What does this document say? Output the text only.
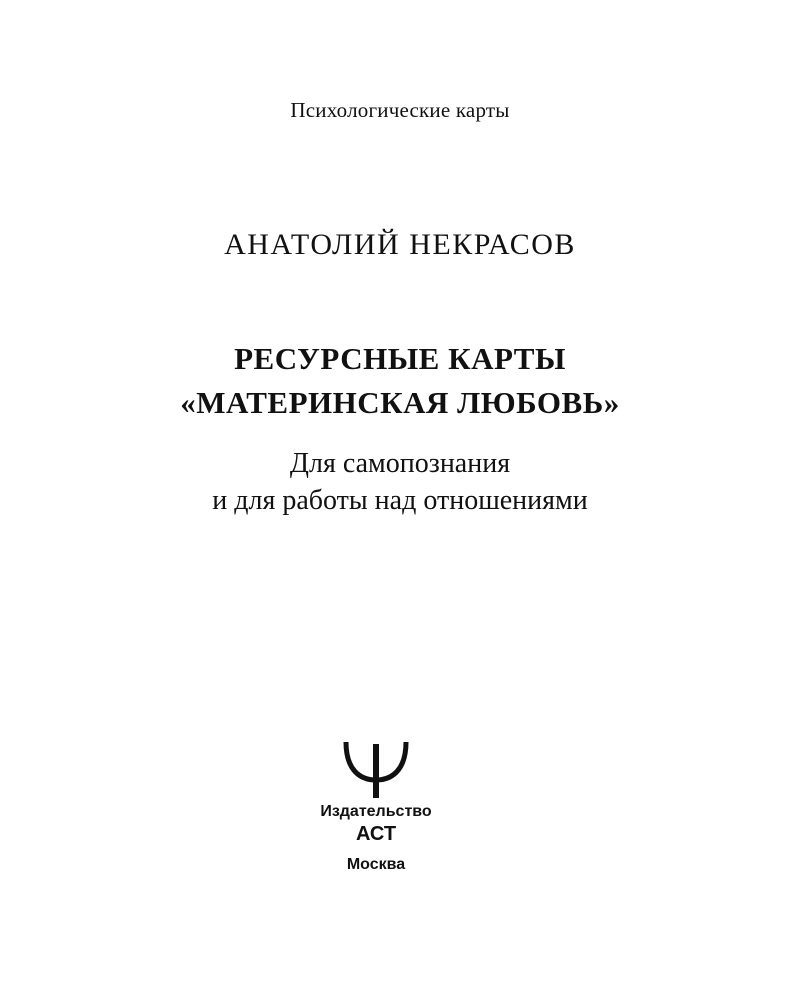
Психологические карты
АНАТОЛИЙ НЕКРАСОВ
РЕСУРСНЫЕ КАРТЫ
«МАТЕРИНСКАЯ ЛЮБОВЬ»
Для самопознания
и для работы над отношениями
Издательство
АСТ
Москва
